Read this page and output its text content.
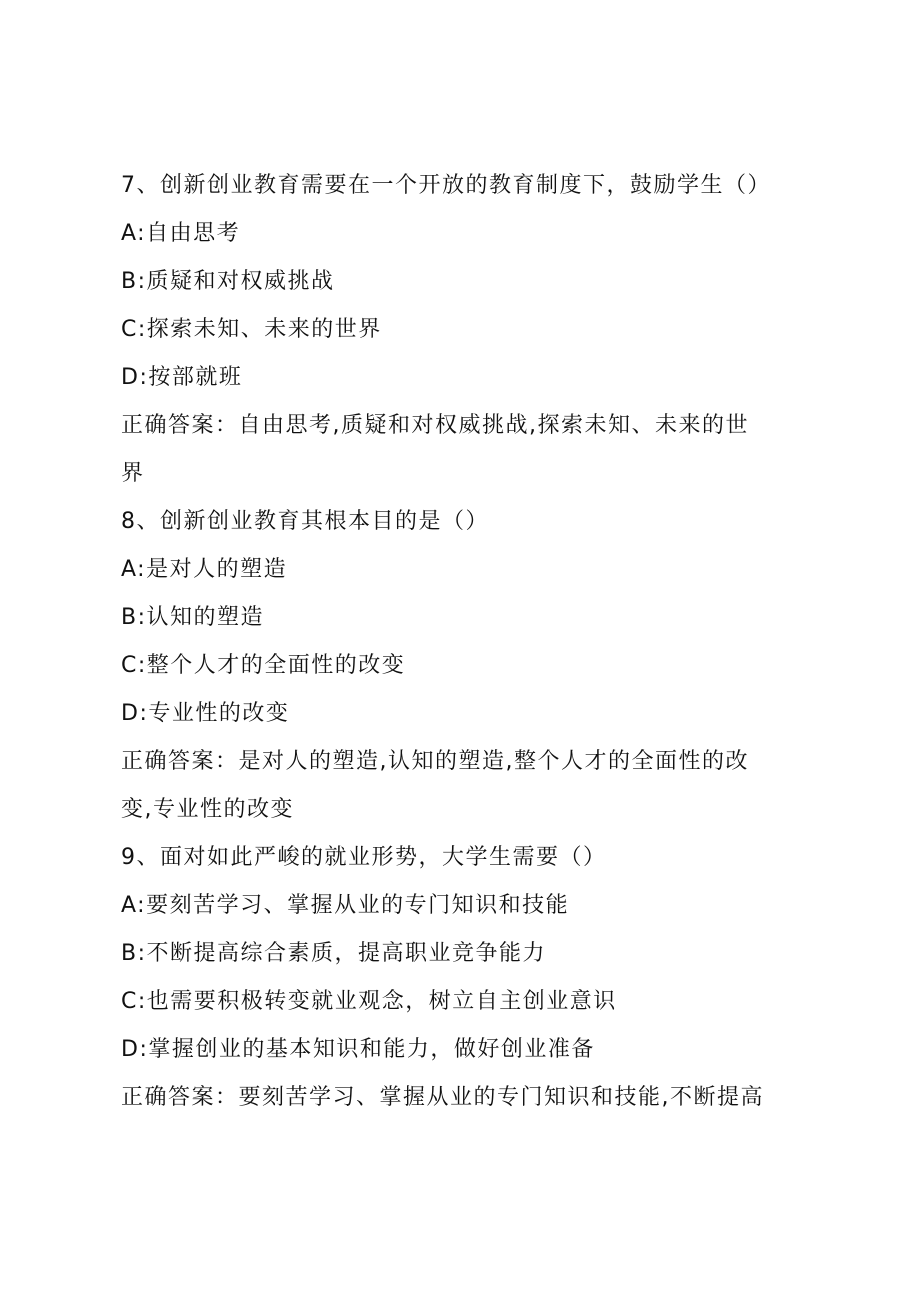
7、创新创业教育需要在一个开放的教育制度下，鼓励学生（）
A:自由思考
B:质疑和对权威挑战
C:探索未知、未来的世界
D:按部就班
正确答案：自由思考,质疑和对权威挑战,探索未知、未来的世
界
8、创新创业教育其根本目的是（）
A:是对人的塑造
B:认知的塑造
C:整个人才的全面性的改变
D:专业性的改变
正确答案：是对人的塑造,认知的塑造,整个人才的全面性的改
变,专业性的改变
9、面对如此严峻的就业形势，大学生需要（）
A:要刻苦学习、掌握从业的专门知识和技能
B:不断提高综合素质，提高职业竞争能力
C:也需要积极转变就业观念，树立自主创业意识
D:掌握创业的基本知识和能力，做好创业准备
正确答案：要刻苦学习、掌握从业的专门知识和技能,不断提高
